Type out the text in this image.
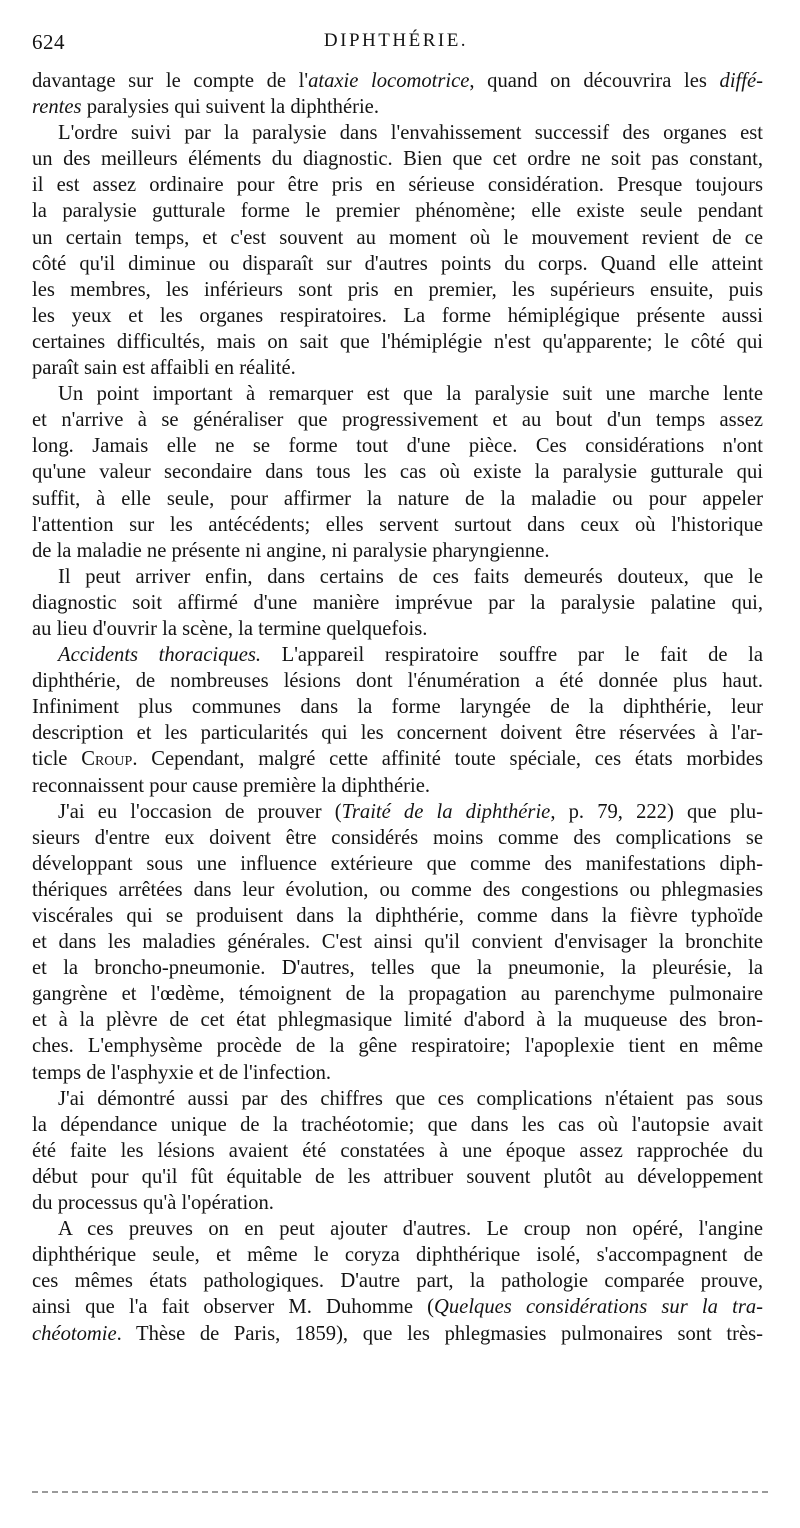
624	DIPHTHÉRIE.
davantage sur le compte de l'ataxie locomotrice, quand on découvrira les diffé-
rentes paralysies qui suivent la diphthérie.
L'ordre suivi par la paralysie dans l'envahissement successif des organes est
un des meilleurs éléments du diagnostic. Bien que cet ordre ne soit pas constant,
il est assez ordinaire pour être pris en sérieuse considération. Presque toujours
la paralysie gutturale forme le premier phénomène; elle existe seule pendant
un certain temps, et c'est souvent au moment où le mouvement revient de ce
côté qu'il diminue ou disparaît sur d'autres points du corps. Quand elle atteint
les membres, les inférieurs sont pris en premier, les supérieurs ensuite, puis
les yeux et les organes respiratoires. La forme hémiplégique présente aussi
certaines difficultés, mais on sait que l'hémiplégie n'est qu'apparente; le côté qui
paraît sain est affaibli en réalité.
Un point important à remarquer est que la paralysie suit une marche lente
et n'arrive à se généraliser que progressivement et au bout d'un temps assez
long. Jamais elle ne se forme tout d'une pièce. Ces considérations n'ont
qu'une valeur secondaire dans tous les cas où existe la paralysie gutturale qui
suffit, à elle seule, pour affirmer la nature de la maladie ou pour appeler
l'attention sur les antécédents; elles servent surtout dans ceux où l'historique
de la maladie ne présente ni angine, ni paralysie pharyngienne.
Il peut arriver enfin, dans certains de ces faits demeurés douteux, que le
diagnostic soit affirmé d'une manière imprévue par la paralysie palatine qui,
au lieu d'ouvrir la scène, la termine quelquefois.
Accidents thoraciques. L'appareil respiratoire souffre par le fait de la
diphthérie, de nombreuses lésions dont l'énumération a été donnée plus haut.
Infiniment plus communes dans la forme laryngée de la diphthérie, leur
description et les particularités qui les concernent doivent être réservées à l'ar-
ticle Croup. Cependant, malgré cette affinité toute spéciale, ces états morbides
reconnaissent pour cause première la diphthérie.
J'ai eu l'occasion de prouver (Traité de la diphthérie, p. 79, 222) que plu-
sieurs d'entre eux doivent être considérés moins comme des complications se
développant sous une influence extérieure que comme des manifestations diph-
thériques arrêtées dans leur évolution, ou comme des congestions ou phlegmasies
viscérales qui se produisent dans la diphthérie, comme dans la fièvre typhoïde
et dans les maladies générales. C'est ainsi qu'il convient d'envisager la bronchite
et la broncho-pneumonie. D'autres, telles que la pneumonie, la pleurésie, la
gangrène et l'œdème, témoignent de la propagation au parenchyme pulmonaire
et à la plèvre de cet état phlegmasique limité d'abord à la muqueuse des bron-
ches. L'emphysème procède de la gêne respiratoire; l'apoplexie tient en même
temps de l'asphyxie et de l'infection.
J'ai démontré aussi par des chiffres que ces complications n'étaient pas sous
la dépendance unique de la trachéotomie; que dans les cas où l'autopsie avait
été faite les lésions avaient été constatées à une époque assez rapprochée du
début pour qu'il fût équitable de les attribuer souvent plutôt au développement
du processus qu'à l'opération.
A ces preuves on en peut ajouter d'autres. Le croup non opéré, l'angine
diphthérique seule, et même le coryza diphthérique isolé, s'accompagnent de
ces mêmes états pathologiques. D'autre part, la pathologie comparée prouve,
ainsi que l'a fait observer M. Duhomme (Quelques considérations sur la tra-
chéotomie. Thèse de Paris, 1859), que les phlegmasies pulmonaires sont très-
